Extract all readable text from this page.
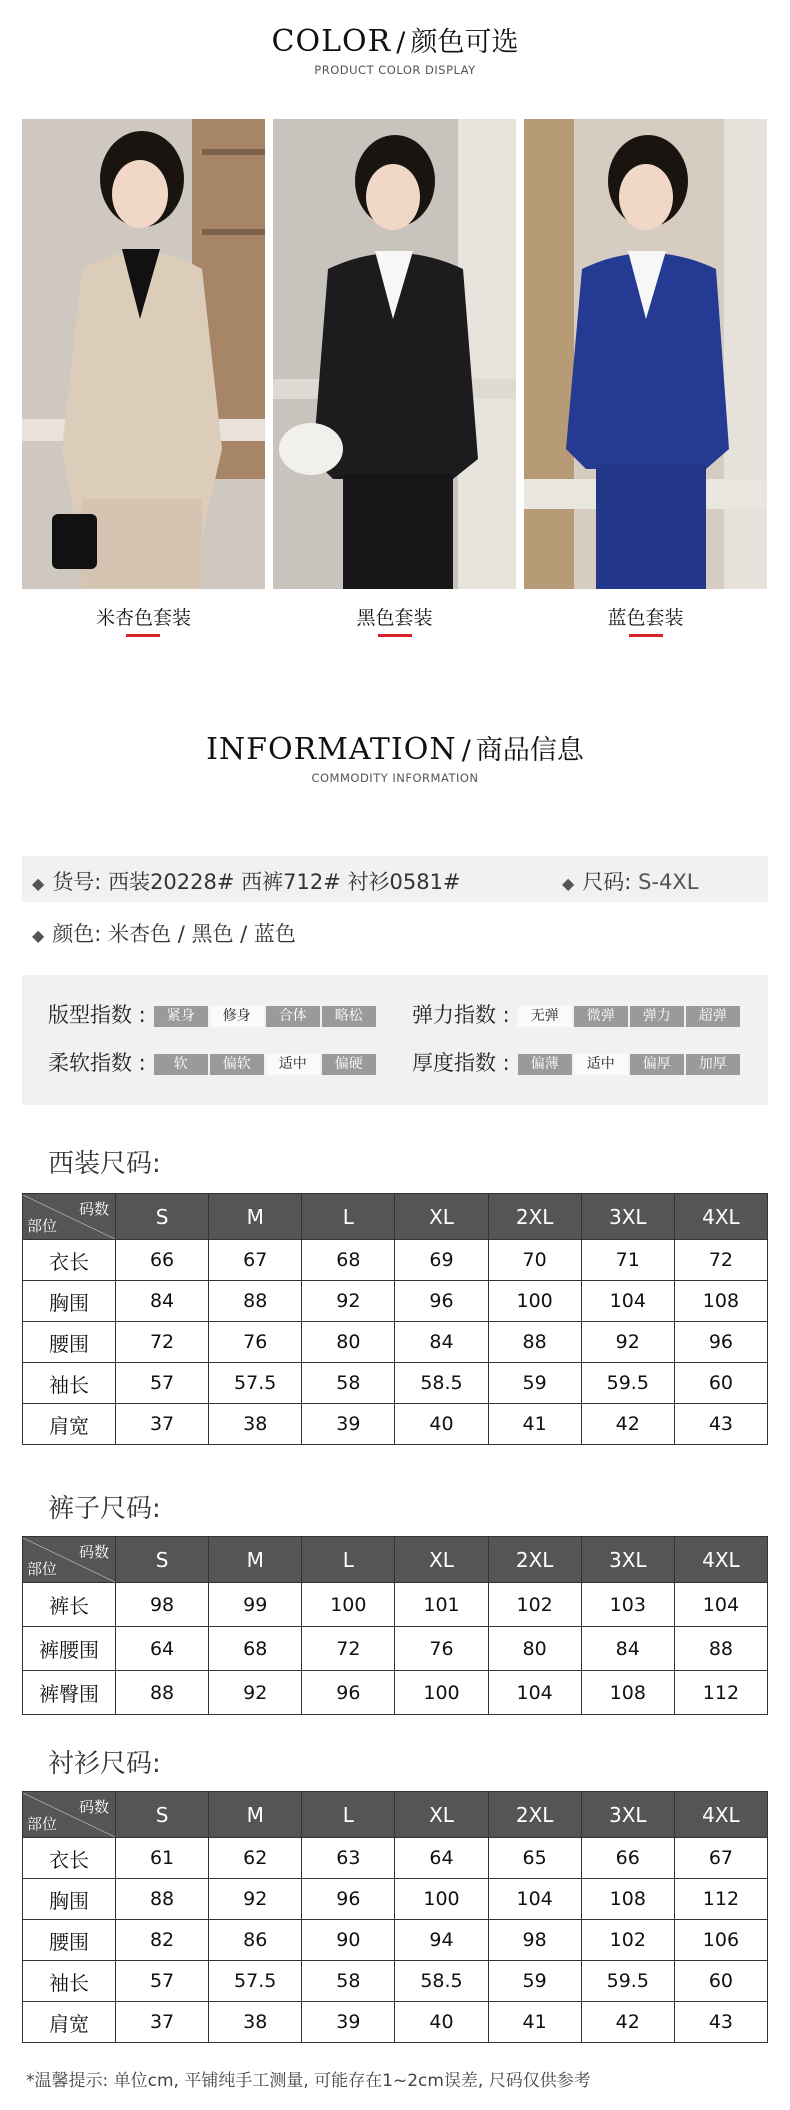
COLOR / 颜色可选
PRODUCT COLOR DISPLAY
米杏色套装	黑色套装	蓝色套装
INFORMATION / 商品信息
COMMODITY INFORMATION
◆ 货号: 西装20228# 西裤712# 衬衫0581#	◆ 尺码: S-4XL
◆ 颜色: 米杏色 / 黑色 / 蓝色
版型指数 : 紧身 修身 合体 略松	弹力指数 : 无弹 微弹 弹力 超弹
柔软指数 : 软	偏软 适中 偏硬	厚度指数 : 偏薄 适中 偏厚 加厚
西装尺码:
码数
部位	S	M	L	XL	2XL	3XL	4XL
衣长	66	67	68	69	70	71	72
胸围	84	88	92	96	100	104	108
腰围	72	76	80	84	88	92	96
袖长	57	57.5	58	58.5	59	59.5	60
肩宽	37	38	39	40	41	42	43
裤子尺码:
码数
部位	S	M	L	XL	2XL	3XL	4XL
裤长	98	99	100	101	102	103	104
裤腰围	64	68	72	76	80	84	88
裤臀围	88	92	96	100	104	108	112
衬衫尺码:
码数
部位	S	M	L	XL	2XL	3XL	4XL
衣长	61	62	63	64	65	66	67
胸围	88	92	96	100	104	108	112
腰围	82	86	90	94	98	102	106
袖长	57	57.5	58	58.5	59	59.5	60
肩宽	37	38	39	40	41	42	43
*温馨提示: 单位cm, 平铺纯手工测量, 可能存在1~2cm误差, 尺码仅供参考
